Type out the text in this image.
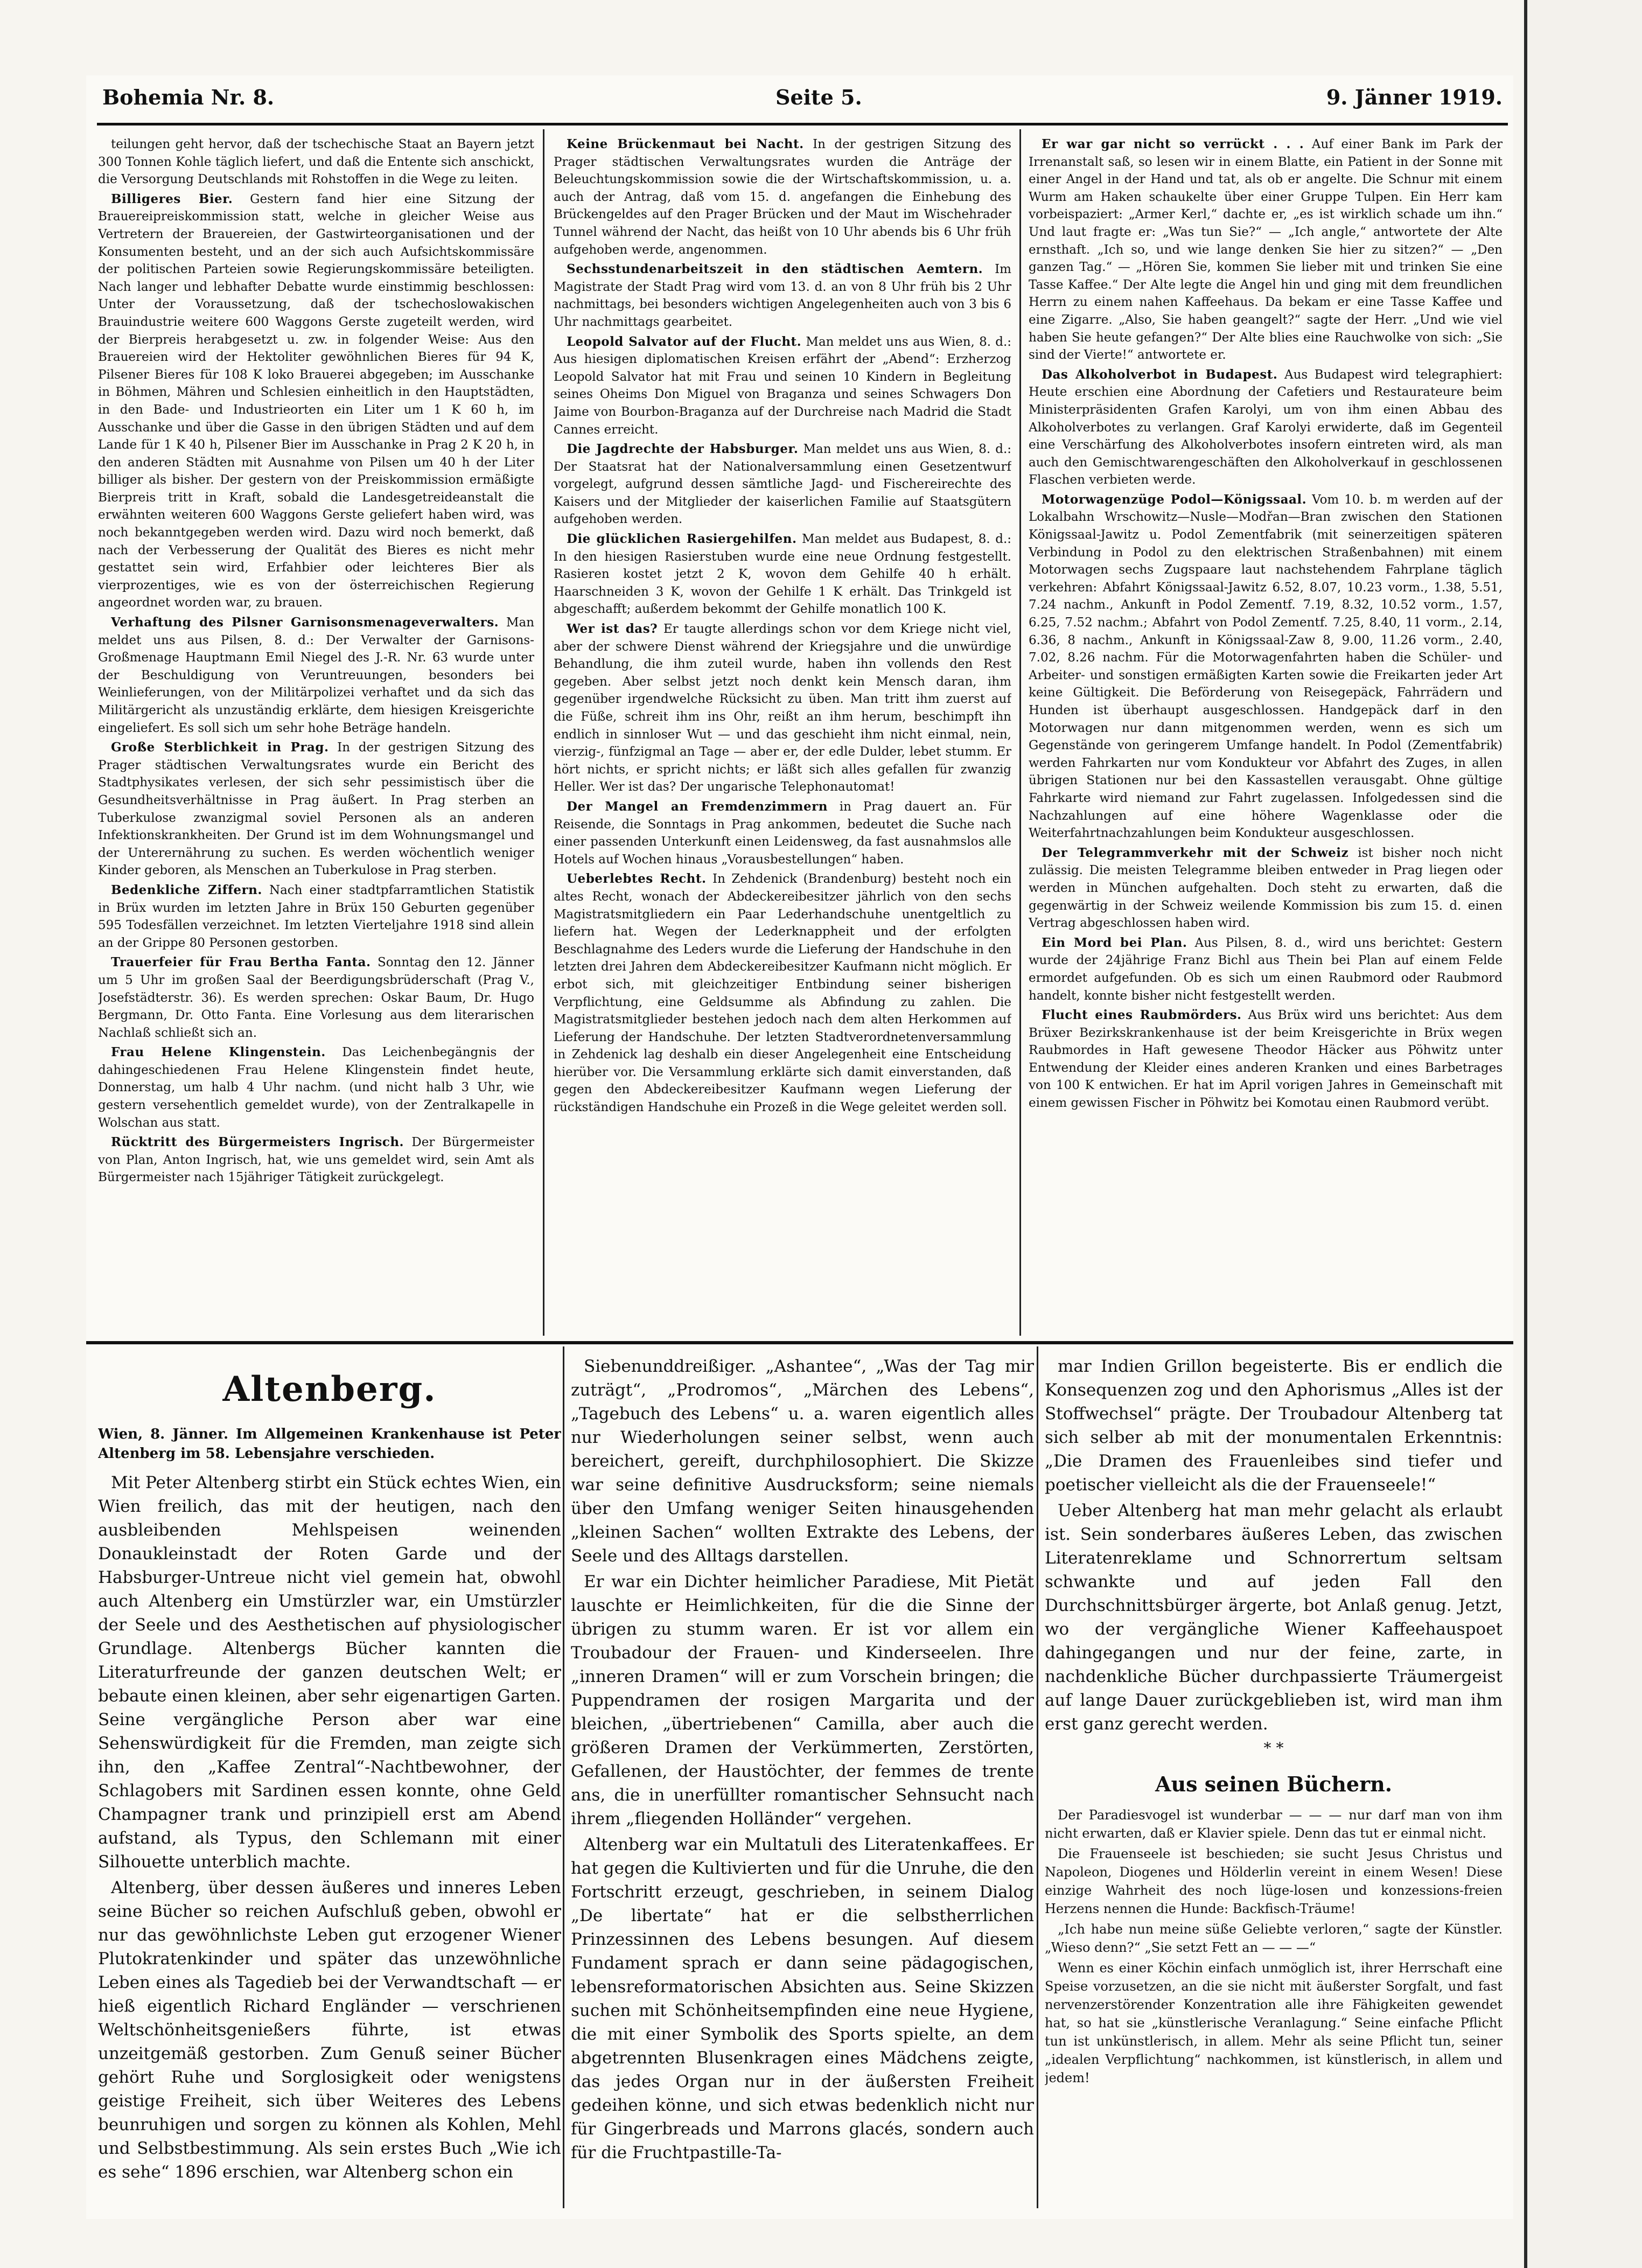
Bohemia Nr. 8.	Seite 5.	9. Jänner 1919.

teilungen geht hervor, daß der tschechische Staat an Bayern jetzt 300 Tonnen Kohle täglich liefert, und daß die Entente sich anschickt, die Versorgung Deutschlands mit Rohstoffen in die Wege zu leiten.

Billigeres Bier. Gestern fand hier eine Sitzung der Brauereipreiskommission statt, welche in gleicher Weise aus Vertretern der Brauereien, der Gastwirteorganisationen und der Konsumenten besteht, und an der sich auch Aufsichtskommissäre der politischen Parteien sowie Regierungskommissäre beteiligten. Nach langer und lebhafter Debatte wurde einstimmig beschlossen: Unter der Voraussetzung, daß der tschechoslowakischen Brauindustrie weitere 600 Waggons Gerste zugeteilt werden, wird der Bierpreis herabgesetzt u. zw. in folgender Weise: Aus den Brauereien wird der Hektoliter gewöhnlichen Bieres für 94 K, Pilsener Bieres für 108 K loko Brauerei abgegeben; im Ausschanke in Böhmen, Mähren und Schlesien einheitlich in den Hauptstädten, in den Bade- und Industrieorten ein Liter um 1 K 60 h, im Ausschanke und über die Gasse in den übrigen Städten und auf dem Lande für 1 K 40 h, Pilsener Bier im Ausschanke in Prag 2 K 20 h, in den anderen Städten mit Ausnahme von Pilsen um 40 h der Liter billiger als bisher. Der gestern von der Preiskommission ermäßigte Bierpreis tritt in Kraft, sobald die Landesgetreideanstalt die erwähnten weiteren 600 Waggons Gerste geliefert haben wird, was noch bekanntgegeben werden wird. Dazu wird noch bemerkt, daß nach der Verbesserung der Qualität des Bieres es nicht mehr gestattet sein wird, Erfahbier oder leichteres Bier als vierprozentiges, wie es von der österreichischen Regierung angeordnet worden war, zu brauen.

Verhaftung des Pilsner Garnisonsmenageverwalters. Man meldet uns aus Pilsen, 8. d.: Der Verwalter der Garnisons-Großmenage Hauptmann Emil Niegel des J.-R. Nr. 63 wurde unter der Beschuldigung von Veruntreuungen, besonders bei Weinlieferungen, von der Militärpolizei verhaftet und da sich das Militärgericht als unzuständig erklärte, dem hiesigen Kreisgerichte eingeliefert. Es soll sich um sehr hohe Beträge handeln.

Große Sterblichkeit in Prag. In der gestrigen Sitzung des Prager städtischen Verwaltungsrates wurde ein Bericht des Stadtphysikates verlesen, der sich sehr pessimistisch über die Gesundheitsverhältnisse in Prag äußert. In Prag sterben an Tuberkulose zwanzigmal soviel Personen als an anderen Infektionskrankheiten. Der Grund ist im dem Wohnungsmangel und der Unterernährung zu suchen. Es werden wöchentlich weniger Kinder geboren, als Menschen an Tuberkulose in Prag sterben.

Bedenkliche Ziffern. Nach einer stadtpfarramtlichen Statistik in Brüx wurden im letzten Jahre in Brüx 150 Geburten gegenüber 595 Todesfällen verzeichnet. Im letzten Vierteljahre 1918 sind allein an der Grippe 80 Personen gestorben.

Trauerfeier für Frau Bertha Fanta. Sonntag den 12. Jänner um 5 Uhr im großen Saal der Beerdigungsbrüderschaft (Prag V., Josefstädterstr. 36). Es werden sprechen: Oskar Baum, Dr. Hugo Bergmann, Dr. Otto Fanta. Eine Vorlesung aus dem literarischen Nachlaß schließt sich an.

Frau Helene Klingenstein. Das Leichenbegängnis der dahingeschiedenen Frau Helene Klingenstein findet heute, Donnerstag, um halb 4 Uhr nachm. (und nicht halb 3 Uhr, wie gestern versehentlich gemeldet wurde), von der Zentralkapelle in Wolschan aus statt.

Rücktritt des Bürgermeisters Ingrisch. Der Bürgermeister von Plan, Anton Ingrisch, hat, wie uns gemeldet wird, sein Amt als Bürgermeister nach 15jähriger Tätigkeit zurückgelegt.

Keine Brückenmaut bei Nacht. In der gestrigen Sitzung des Prager städtischen Verwaltungsrates wurden die Anträge der Beleuchtungskommission sowie die der Wirtschaftskommission, u. a. auch der Antrag, daß vom 15. d. angefangen die Einhebung des Brückengeldes auf den Prager Brücken und der Maut im Wischehrader Tunnel während der Nacht, das heißt von 10 Uhr abends bis 6 Uhr früh aufgehoben werde, angenommen.

Sechsstundenarbeitszeit in den städtischen Aemtern. Im Magistrate der Stadt Prag wird vom 13. d. an von 8 Uhr früh bis 2 Uhr nachmittags, bei besonders wichtigen Angelegenheiten auch von 3 bis 6 Uhr nachmittags gearbeitet.

Leopold Salvator auf der Flucht. Man meldet uns aus Wien, 8. d.: Aus hiesigen diplomatischen Kreisen erfährt der „Abend“: Erzherzog Leopold Salvator hat mit Frau und seinen 10 Kindern in Begleitung seines Oheims Don Miguel von Braganza und seines Schwagers Don Jaime von Bourbon-Braganza auf der Durchreise nach Madrid die Stadt Cannes erreicht.

Die Jagdrechte der Habsburger. Man meldet uns aus Wien, 8. d.: Der Staatsrat hat der Nationalversammlung einen Gesetzentwurf vorgelegt, aufgrund dessen sämtliche Jagd- und Fischereirechte des Kaisers und der Mitglieder der kaiserlichen Familie auf Staatsgütern aufgehoben werden.

Die glücklichen Rasiergehilfen. Man meldet aus Budapest, 8. d.: In den hiesigen Rasierstuben wurde eine neue Ordnung festgestellt. Rasieren kostet jetzt 2 K, wovon dem Gehilfe 40 h erhält. Haarschneiden 3 K, wovon der Gehilfe 1 K erhält. Das Trinkgeld ist abgeschafft; außerdem bekommt der Gehilfe monatlich 100 K.

Wer ist das? Er taugte allerdings schon vor dem Kriege nicht viel, aber der schwere Dienst während der Kriegsjahre und die unwürdige Behandlung, die ihm zuteil wurde, haben ihn vollends den Rest gegeben. Aber selbst jetzt noch denkt kein Mensch daran, ihm gegenüber irgendwelche Rücksicht zu üben. Man tritt ihm zuerst auf die Füße, schreit ihm ins Ohr, reißt an ihm herum, beschimpft ihn endlich in sinnloser Wut — und das geschieht ihm nicht einmal, nein, vierzig-, fünfzigmal an Tage — aber er, der edle Dulder, lebet stumm. Er hört nichts, er spricht nichts; er läßt sich alles gefallen für zwanzig Heller. Wer ist das? Der ungarische Telephonautomat!

Der Mangel an Fremdenzimmern in Prag dauert an. Für Reisende, die Sonntags in Prag ankommen, bedeutet die Suche nach einer passenden Unterkunft einen Leidensweg, da fast ausnahmslos alle Hotels auf Wochen hinaus „Vorausbestellungen“ haben.

Ueberlebtes Recht. In Zehdenick (Brandenburg) besteht noch ein altes Recht, wonach der Abdeckereibesitzer jährlich von den sechs Magistratsmitgliedern ein Paar Lederhandschuhe unentgeltlich zu liefern hat. Wegen der Lederknappheit und der erfolgten Beschlagnahme des Leders wurde die Lieferung der Handschuhe in den letzten drei Jahren dem Abdeckereibesitzer Kaufmann nicht möglich. Er erbot sich, mit gleichzeitiger Entbindung seiner bisherigen Verpflichtung, eine Geldsumme als Abfindung zu zahlen. Die Magistratsmitglieder bestehen jedoch nach dem alten Herkommen auf Lieferung der Handschuhe. Der letzten Stadtverordnetenversammlung in Zehdenick lag deshalb ein dieser Angelegenheit eine Entscheidung hierüber vor. Die Versammlung erklärte sich damit einverstanden, daß gegen den Abdeckereibesitzer Kaufmann wegen Lieferung der rückständigen Handschuhe ein Prozeß in die Wege geleitet werden soll.

Er war gar nicht so verrückt . . . Auf einer Bank im Park der Irrenanstalt saß, so lesen wir in einem Blatte, ein Patient in der Sonne mit einer Angel in der Hand und tat, als ob er angelte. Die Schnur mit einem Wurm am Haken schaukelte über einer Gruppe Tulpen. Ein Herr kam vorbeispaziert: „Armer Kerl,“ dachte er, „es ist wirklich schade um ihn.“ Und laut fragte er: „Was tun Sie?“ — „Ich angle,“ antwortete der Alte ernsthaft. „Ich so, und wie lange denken Sie hier zu sitzen?“ — „Den ganzen Tag.“ — „Hören Sie, kommen Sie lieber mit und trinken Sie eine Tasse Kaffee.“ Der Alte legte die Angel hin und ging mit dem freundlichen Herrn zu einem nahen Kaffeehaus. Da bekam er eine Tasse Kaffee und eine Zigarre. „Also, Sie haben geangelt?“ sagte der Herr. „Und wie viel haben Sie heute gefangen?“ Der Alte blies eine Rauchwolke von sich: „Sie sind der Vierte!“ antwortete er.

Das Alkoholverbot in Budapest. Aus Budapest wird telegraphiert: Heute erschien eine Abordnung der Cafetiers und Restaurateure beim Ministerpräsidenten Grafen Karolyi, um von ihm einen Abbau des Alkoholverbotes zu verlangen. Graf Karolyi erwiderte, daß im Gegenteil eine Verschärfung des Alkoholverbotes insofern eintreten wird, als man auch den Gemischtwarengeschäften den Alkoholverkauf in geschlossenen Flaschen verbieten werde.

Motorwagenzüge Podol—Königssaal. Vom 10. b. m werden auf der Lokalbahn Wrschowitz—Nusle—Modřan—Bran zwischen den Stationen Königssaal-Jawitz u. Podol Zementfabrik (mit seinerzeitigen späteren Verbindung in Podol zu den elektrischen Straßenbahnen) mit einem Motorwagen sechs Zugspaare laut nachstehendem Fahrplane täglich verkehren: Abfahrt Königssaal-Jawitz 6.52, 8.07, 10.23 vorm., 1.38, 5.51, 7.24 nachm., Ankunft in Podol Zementf. 7.19, 8.32, 10.52 vorm., 1.57, 6.25, 7.52 nachm.; Abfahrt von Podol Zementf. 7.25, 8.40, 11 vorm., 2.14, 6.36, 8 nachm., Ankunft in Königssaal-Zaw 8, 9.00, 11.26 vorm., 2.40, 7.02, 8.26 nachm. Für die Motorwagenfahrten haben die Schüler- und Arbeiter- und sonstigen ermäßigten Karten sowie die Freikarten jeder Art keine Gültigkeit. Die Beförderung von Reisegepäck, Fahrrädern und Hunden ist überhaupt ausgeschlossen. Handgepäck darf in den Motorwagen nur dann mitgenommen werden, wenn es sich um Gegenstände von geringerem Umfange handelt. In Podol (Zementfabrik) werden Fahrkarten nur vom Kondukteur vor Abfahrt des Zuges, in allen übrigen Stationen nur bei den Kassastellen verausgabt. Ohne gültige Fahrkarte wird niemand zur Fahrt zugelassen. Infolgedessen sind die Nachzahlungen auf eine höhere Wagenklasse oder die Weiterfahrtnachzahlungen beim Kondukteur ausgeschlossen.

Der Telegrammverkehr mit der Schweiz ist bisher noch nicht zulässig. Die meisten Telegramme bleiben entweder in Prag liegen oder werden in München aufgehalten. Doch steht zu erwarten, daß die gegenwärtig in der Schweiz weilende Kommission bis zum 15. d. einen Vertrag abgeschlossen haben wird.

Ein Mord bei Plan. Aus Pilsen, 8. d., wird uns berichtet: Gestern wurde der 24jährige Franz Bichl aus Thein bei Plan auf einem Felde ermordet aufgefunden. Ob es sich um einen Raubmord oder Raubmord handelt, konnte bisher nicht festgestellt werden.

Flucht eines Raubmörders. Aus Brüx wird uns berichtet: Aus dem Brüxer Bezirkskrankenhause ist der beim Kreisgerichte in Brüx wegen Raubmordes in Haft gewesene Theodor Häcker aus Pöhwitz unter Entwendung der Kleider eines anderen Kranken und eines Barbetrages von 100 K entwichen. Er hat im April vorigen Jahres in Gemeinschaft mit einem gewissen Fischer in Pöhwitz bei Komotau einen Raubmord verübt.

Altenberg.
Wien, 8. Jänner. Im Allgemeinen Krankenhause ist Peter Altenberg im 58. Lebensjahre verschieden.

Mit Peter Altenberg stirbt ein Stück echtes Wien, ein Wien freilich, das mit der heutigen, nach den ausbleibenden Mehlspeisen weinenden Donaukleinstadt der Roten Garde und der Habsburger-Untreue nicht viel gemein hat, obwohl auch Altenberg ein Umstürzler war, ein Umstürzler der Seele und des Aesthetischen auf physiologischer Grundlage. Altenbergs Bücher kannten die Literaturfreunde der ganzen deutschen Welt; er bebaute einen kleinen, aber sehr eigenartigen Garten. Seine vergängliche Person aber war eine Sehenswürdigkeit für die Fremden, man zeigte sich ihn, den „Kaffee Zentral“-Nachtbewohner, der Schlagobers mit Sardinen essen konnte, ohne Geld Champagner trank und prinzipiell erst am Abend aufstand, als Typus, den Schlemann mit einer Silhouette unterblich machte.

Altenberg, über dessen äußeres und inneres Leben seine Bücher so reichen Aufschluß geben, obwohl er nur das gewöhnlichste Leben gut erzogener Wiener Plutokratenkinder und später das unzewöhnliche Leben eines als Tagedieb bei der Verwandtschaft — er hieß eigentlich Richard Engländer — verschrienen Weltschönheitsgenießers führte, ist etwas unzeitgemäß gestorben. Zum Genuß seiner Bücher gehört Ruhe und Sorglosigkeit oder wenigstens geistige Freiheit, sich über Weiteres des Lebens beunruhigen und sorgen zu können als Kohlen, Mehl und Selbstbestimmung. Als sein erstes Buch „Wie ich es sehe“ 1896 erschien, war Altenberg schon ein

Siebenunddreißiger. „Ashantee“, „Was der Tag mir zuträgt“, „Prodromos“, „Märchen des Lebens“, „Tagebuch des Lebens“ u. a. waren eigentlich alles nur Wiederholungen seiner selbst, wenn auch bereichert, gereift, durchphilosophiert. Die Skizze war seine definitive Ausdrucksform; seine niemals über den Umfang weniger Seiten hinausgehenden „kleinen Sachen“ wollten Extrakte des Lebens, der Seele und des Alltags darstellen.

Er war ein Dichter heimlicher Paradiese, Mit Pietät lauschte er Heimlichkeiten, für die die Sinne der übrigen zu stumm waren. Er ist vor allem ein Troubadour der Frauen- und Kinderseelen. Ihre „inneren Dramen“ will er zum Vorschein bringen; die Puppendramen der rosigen Margarita und der bleichen, „übertriebenen“ Camilla, aber auch die größeren Dramen der Verkümmerten, Zerstörten, Gefallenen, der Haustöchter, der femmes de trente ans, die in unerfüllter romantischer Sehnsucht nach ihrem „fliegenden Holländer“ vergehen.

Altenberg war ein Multatuli des Literatenkaffees. Er hat gegen die Kultivierten und für die Unruhe, die den Fortschritt erzeugt, geschrieben, in seinem Dialog „De libertate“ hat er die selbstherrlichen Prinzessinnen des Lebens besungen. Auf diesem Fundament sprach er dann seine pädagogischen, lebensreformatorischen Absichten aus. Seine Skizzen suchen mit Schönheitsempfinden eine neue Hygiene, die mit einer Symbolik des Sports spielte, an dem abgetrennten Blusenkragen eines Mädchens zeigte, das jedes Organ nur in der äußersten Freiheit gedeihen könne, und sich etwas bedenklich nicht nur für Gingerbreads und Marrons glacés, sondern auch für die Fruchtpastille-Ta-

mar Indien Grillon begeisterte. Bis er endlich die Konsequenzen zog und den Aphorismus „Alles ist der Stoffwechsel“ prägte. Der Troubadour Altenberg tat sich selber ab mit der monumentalen Erkenntnis: „Die Dramen des Frauenleibes sind tiefer und poetischer vielleicht als die der Frauenseele!“

Ueber Altenberg hat man mehr gelacht als erlaubt ist. Sein sonderbares äußeres Leben, das zwischen Literatenreklame und Schnorrertum seltsam schwankte und auf jeden Fall den Durchschnittsbürger ärgerte, bot Anlaß genug. Jetzt, wo der vergängliche Wiener Kaffeehauspoet dahingegangen und nur der feine, zarte, in nachdenkliche Bücher durchpassierte Träumergeist auf lange Dauer zurückgeblieben ist, wird man ihm erst ganz gerecht werden.

* *
Aus seinen Büchern.

Der Paradiesvogel ist wunderbar — — — nur darf man von ihm nicht erwarten, daß er Klavier spiele. Denn das tut er einmal nicht.

Die Frauenseele ist beschieden; sie sucht Jesus Christus und Napoleon, Diogenes und Hölderlin vereint in einem Wesen! Diese einzige Wahrheit des noch lüge-losen und konzessions-freien Herzens nennen die Hunde: Backfisch-Träume!

„Ich habe nun meine süße Geliebte verloren,“ sagte der Künstler. „Wieso denn?“ „Sie setzt Fett an — — —“

Wenn es einer Köchin einfach unmöglich ist, ihrer Herrschaft eine Speise vorzusetzen, an die sie nicht mit äußerster Sorgfalt, und fast nervenzerstörender Konzentration alle ihre Fähigkeiten gewendet hat, so hat sie „künstlerische Veranlagung.“ Seine einfache Pflicht tun ist unkünstlerisch, in allem. Mehr als seine Pflicht tun, seiner „idealen Verpflichtung“ nachkommen, ist künstlerisch, in allem und jedem!
